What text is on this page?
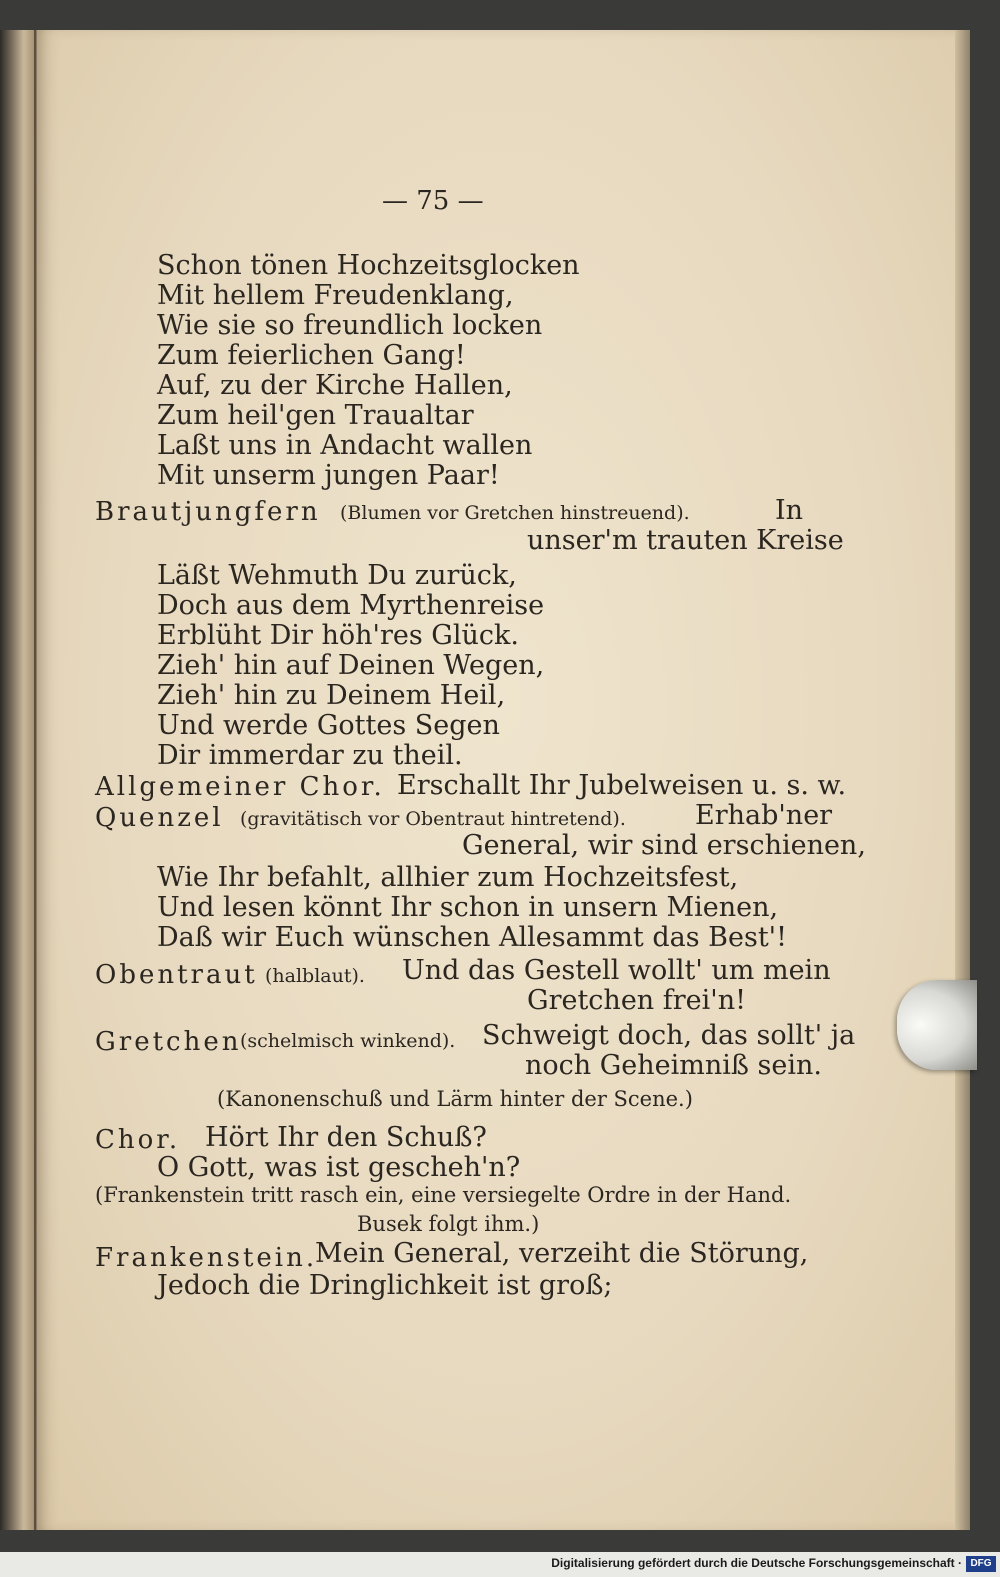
— 75 —
Schon tönen Hochzeitsglocken
Mit hellem Freudenklang,
Wie sie so freundlich locken
Zum feierlichen Gang!
Auf, zu der Kirche Hallen,
Zum heil'gen Traualtar
Laßt uns in Andacht wallen
Mit unserm jungen Paar!
Brautjungfern (Blumen vor Gretchen hinstreuend).	In
unser'm trauten Kreise
Läßt Wehmuth Du zurück,
Doch aus dem Myrthenreise
Erblüht Dir höh'res Glück.
Zieh' hin auf Deinen Wegen,
Zieh' hin zu Deinem Heil,
Und werde Gottes Segen
Dir immerdar zu theil.
Allgemeiner Chor. Erschallt Ihr Jubelweisen u. s. w.
Quenzel (gravitätisch vor Obentraut hintretend).	Erhab'ner
General, wir sind erschienen,
Wie Ihr befahlt, allhier zum Hochzeitsfest,
Und lesen könnt Ihr schon in unsern Mienen,
Daß wir Euch wünschen Allesammt das Best'!
Obentraut (halblaut). Und das Gestell wollt' um mein
Gretchen frei'n!
Gretchen
(schelmisch winkend). Schweigt doch, das sollt' ja
noch Geheimniß sein.
(Kanonenschuß und Lärm hinter der Scene.)
Chor. Hört Ihr den Schuß?
O Gott, was ist gescheh'n?
(Frankenstein tritt rasch ein, eine versiegelte Ordre in der Hand.
Busek folgt ihm.)
Frankenstein.
Mein General, verzeiht die Störung,
Jedoch die Dringlichkeit ist groß;
Digitalisierung gefördert durch die Deutsche Forschungsgemeinschaft · DFG
